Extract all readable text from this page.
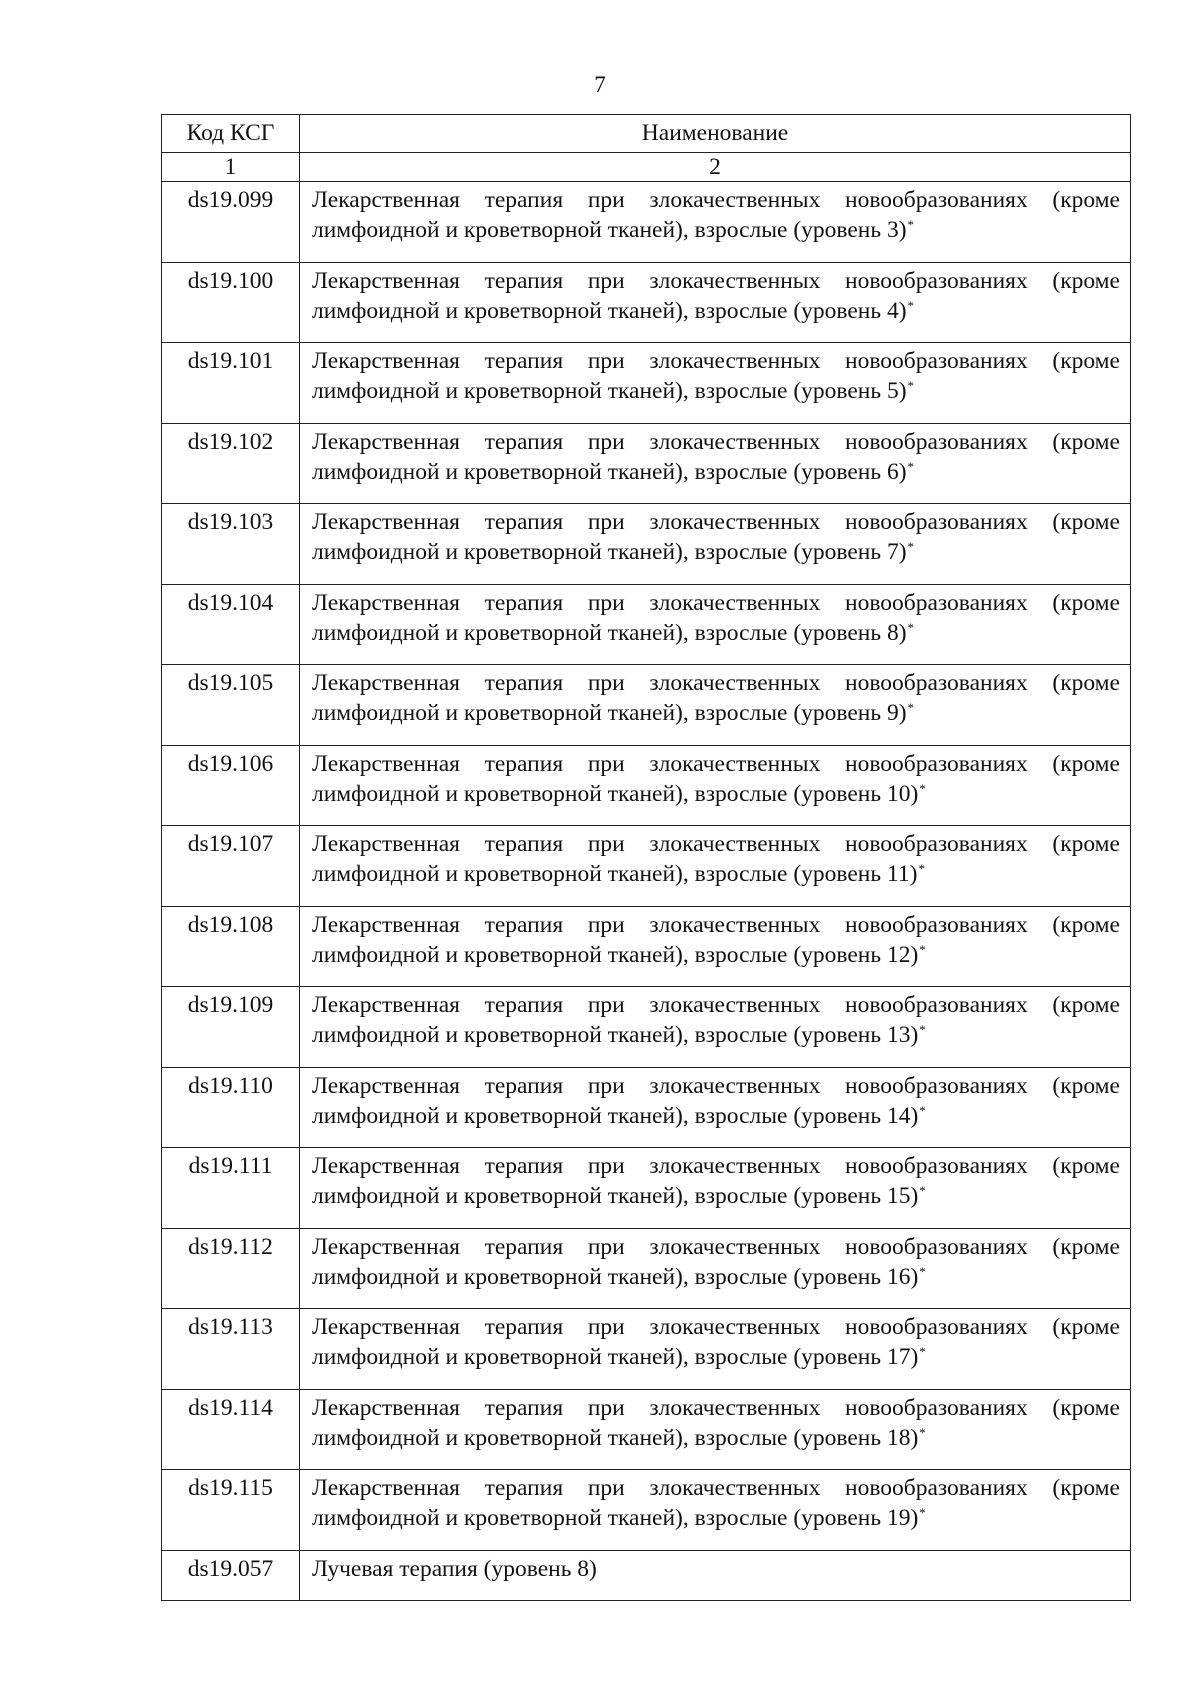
7
Код КСГ	Наименование
1	2
ds19.099	Лекарственная терапия при злокачественных новообразованиях (кроме лимфоидной и кроветворной тканей), взрослые (уровень 3)*
ds19.100	Лекарственная терапия при злокачественных новообразованиях (кроме лимфоидной и кроветворной тканей), взрослые (уровень 4)*
ds19.101	Лекарственная терапия при злокачественных новообразованиях (кроме лимфоидной и кроветворной тканей), взрослые (уровень 5)*
ds19.102	Лекарственная терапия при злокачественных новообразованиях (кроме лимфоидной и кроветворной тканей), взрослые (уровень 6)*
ds19.103	Лекарственная терапия при злокачественных новообразованиях (кроме лимфоидной и кроветворной тканей), взрослые (уровень 7)*
ds19.104	Лекарственная терапия при злокачественных новообразованиях (кроме лимфоидной и кроветворной тканей), взрослые (уровень 8)*
ds19.105	Лекарственная терапия при злокачественных новообразованиях (кроме лимфоидной и кроветворной тканей), взрослые (уровень 9)*
ds19.106	Лекарственная терапия при злокачественных новообразованиях (кроме лимфоидной и кроветворной тканей), взрослые (уровень 10)*
ds19.107	Лекарственная терапия при злокачественных новообразованиях (кроме лимфоидной и кроветворной тканей), взрослые (уровень 11)*
ds19.108	Лекарственная терапия при злокачественных новообразованиях (кроме лимфоидной и кроветворной тканей), взрослые (уровень 12)*
ds19.109	Лекарственная терапия при злокачественных новообразованиях (кроме лимфоидной и кроветворной тканей), взрослые (уровень 13)*
ds19.110	Лекарственная терапия при злокачественных новообразованиях (кроме лимфоидной и кроветворной тканей), взрослые (уровень 14)*
ds19.111	Лекарственная терапия при злокачественных новообразованиях (кроме лимфоидной и кроветворной тканей), взрослые (уровень 15)*
ds19.112	Лекарственная терапия при злокачественных новообразованиях (кроме лимфоидной и кроветворной тканей), взрослые (уровень 16)*
ds19.113	Лекарственная терапия при злокачественных новообразованиях (кроме лимфоидной и кроветворной тканей), взрослые (уровень 17)*
ds19.114	Лекарственная терапия при злокачественных новообразованиях (кроме лимфоидной и кроветворной тканей), взрослые (уровень 18)*
ds19.115	Лекарственная терапия при злокачественных новообразованиях (кроме лимфоидной и кроветворной тканей), взрослые (уровень 19)*
ds19.057	Лучевая терапия (уровень 8)
